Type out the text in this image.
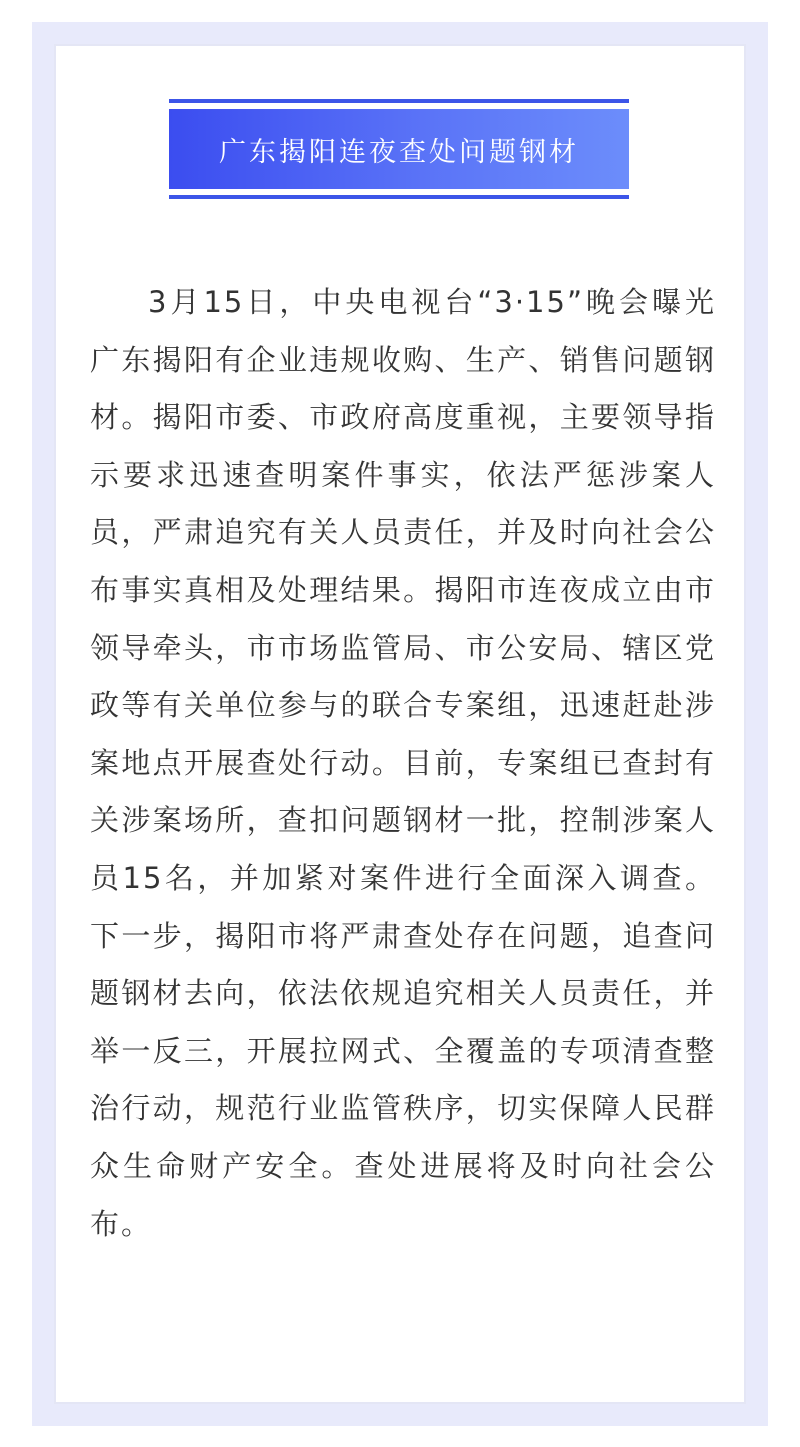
广东揭阳连夜查处问题钢材

3月15日，中央电视台“3·15”晚会曝光广东揭阳有企业违规收购、生产、销售问题钢材。揭阳市委、市政府高度重视，主要领导指示要求迅速查明案件事实，依法严惩涉案人员，严肃追究有关人员责任，并及时向社会公布事实真相及处理结果。揭阳市连夜成立由市领导牵头，市市场监管局、市公安局、辖区党政等有关单位参与的联合专案组，迅速赶赴涉案地点开展查处行动。目前，专案组已查封有关涉案场所，查扣问题钢材一批，控制涉案人员15名，并加紧对案件进行全面深入调查。下一步，揭阳市将严肃查处存在问题，追查问题钢材去向，依法依规追究相关人员责任，并举一反三，开展拉网式、全覆盖的专项清查整治行动，规范行业监管秩序，切实保障人民群众生命财产安全。查处进展将及时向社会公布。
